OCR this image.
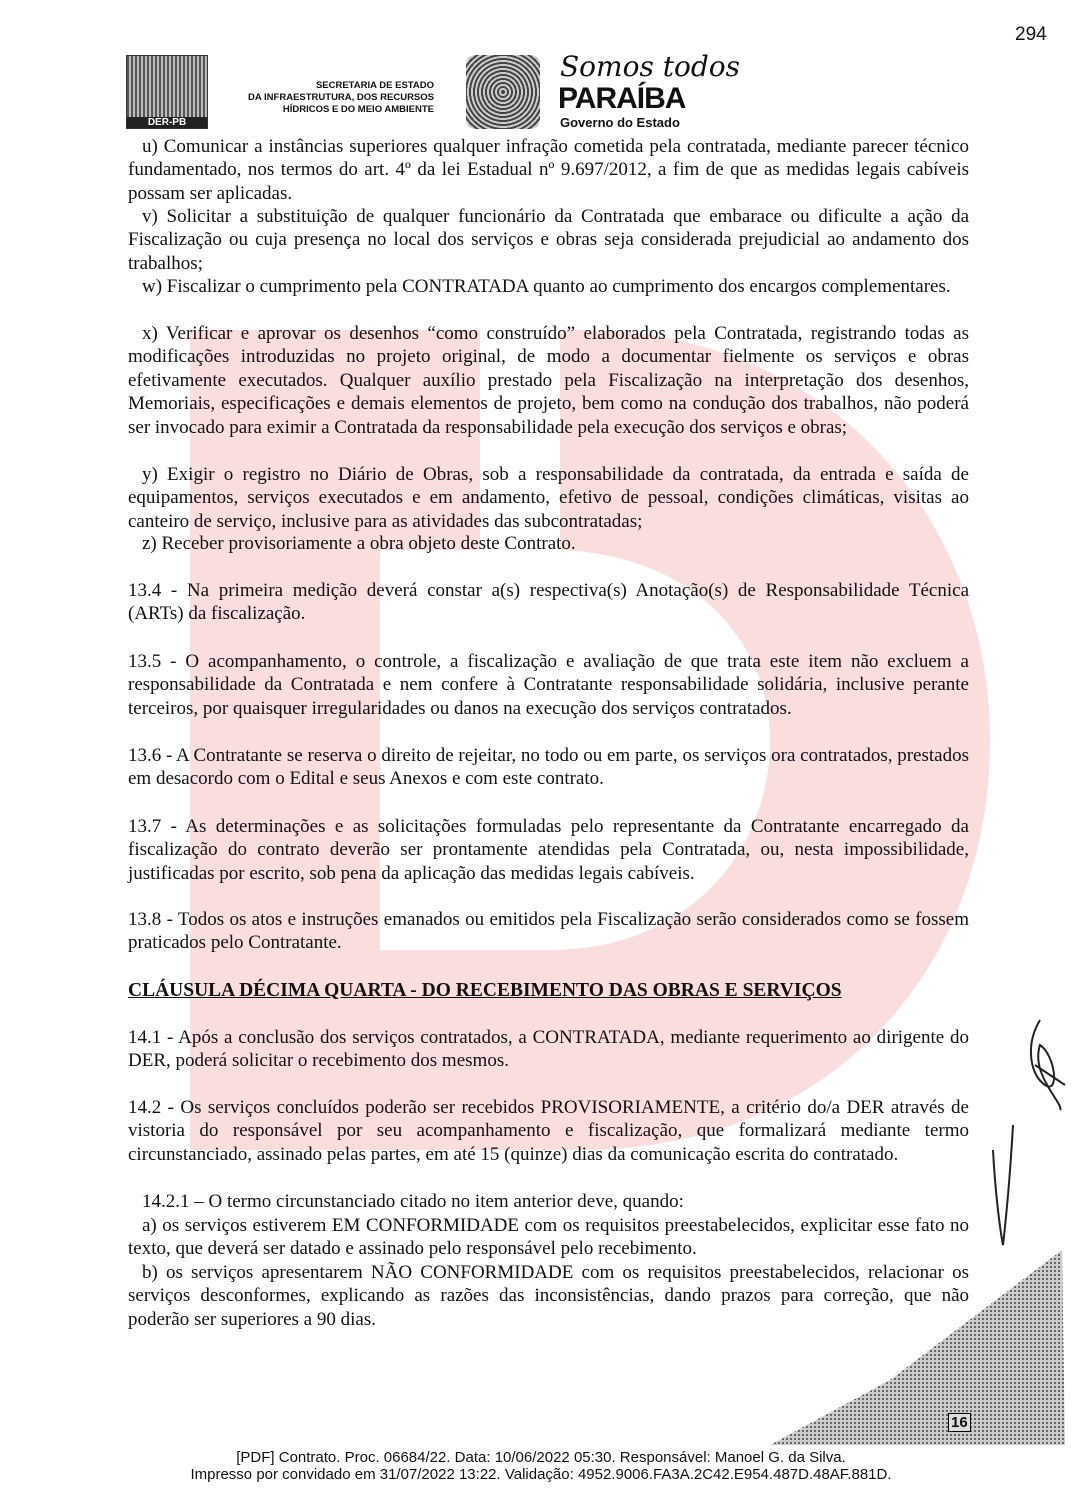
294
DER-PB
SECRETARIA DE ESTADO
DA INFRAESTRUTURA, DOS RECURSOS
HÍDRICOS E DO MEIO AMBIENTE
Somos todos
PARAÍBA
Governo do Estado
u) Comunicar a instâncias superiores qualquer infração cometida pela contratada, mediante parecer técnico fundamentado, nos termos do art. 4º da lei Estadual nº 9.697/2012, a fim de que as medidas legais cabíveis possam ser aplicadas.
v) Solicitar a substituição de qualquer funcionário da Contratada que embarace ou dificulte a ação da Fiscalização ou cuja presença no local dos serviços e obras seja considerada prejudicial ao andamento dos trabalhos;
w) Fiscalizar o cumprimento pela CONTRATADA quanto ao cumprimento dos encargos complementares.
x) Verificar e aprovar os desenhos “como construído” elaborados pela Contratada, registrando todas as modificações introduzidas no projeto original, de modo a documentar fielmente os serviços e obras efetivamente executados. Qualquer auxílio prestado pela Fiscalização na interpretação dos desenhos, Memoriais, especificações e demais elementos de projeto, bem como na condução dos trabalhos, não poderá ser invocado para eximir a Contratada da responsabilidade pela execução dos serviços e obras;
y) Exigir o registro no Diário de Obras, sob a responsabilidade da contratada, da entrada e saída de equipamentos, serviços executados e em andamento, efetivo de pessoal, condições climáticas, visitas ao canteiro de serviço, inclusive para as atividades das subcontratadas;
z) Receber provisoriamente a obra objeto deste Contrato.
13.4 - Na primeira medição deverá constar a(s) respectiva(s) Anotação(s) de Responsabilidade Técnica (ARTs) da fiscalização.
13.5 - O acompanhamento, o controle, a fiscalização e avaliação de que trata este item não excluem a responsabilidade da Contratada e nem confere à Contratante responsabilidade solidária, inclusive perante terceiros, por quaisquer irregularidades ou danos na execução dos serviços contratados.
13.6 - A Contratante se reserva o direito de rejeitar, no todo ou em parte, os serviços ora contratados, prestados em desacordo com o Edital e seus Anexos e com este contrato.
13.7 - As determinações e as solicitações formuladas pelo representante da Contratante encarregado da fiscalização do contrato deverão ser prontamente atendidas pela Contratada, ou, nesta impossibilidade, justificadas por escrito, sob pena da aplicação das medidas legais cabíveis.
13.8 - Todos os atos e instruções emanados ou emitidos pela Fiscalização serão considerados como se fossem praticados pelo Contratante.
CLÁUSULA DÉCIMA QUARTA - DO RECEBIMENTO DAS OBRAS E SERVIÇOS
14.1 - Após a conclusão dos serviços contratados, a CONTRATADA, mediante requerimento ao dirigente do DER, poderá solicitar o recebimento dos mesmos.
14.2 - Os serviços concluídos poderão ser recebidos PROVISORIAMENTE, a critério do/a DER através de vistoria do responsável por seu acompanhamento e fiscalização, que formalizará mediante termo circunstanciado, assinado pelas partes, em até 15 (quinze) dias da comunicação escrita do contratado.
14.2.1 – O termo circunstanciado citado no item anterior deve, quando:
a) os serviços estiverem EM CONFORMIDADE com os requisitos preestabelecidos, explicitar esse fato no texto, que deverá ser datado e assinado pelo responsável pelo recebimento.
b) os serviços apresentarem NÃO CONFORMIDADE com os requisitos preestabelecidos, relacionar os serviços desconformes, explicando as razões das inconsistências, dando prazos para correção, que não poderão ser superiores a 90 dias.
16
[PDF] Contrato. Proc. 06684/22. Data: 10/06/2022 05:30. Responsável: Manoel G. da Silva.
Impresso por convidado em 31/07/2022 13:22. Validação: 4952.9006.FA3A.2C42.E954.487D.48AF.881D.
